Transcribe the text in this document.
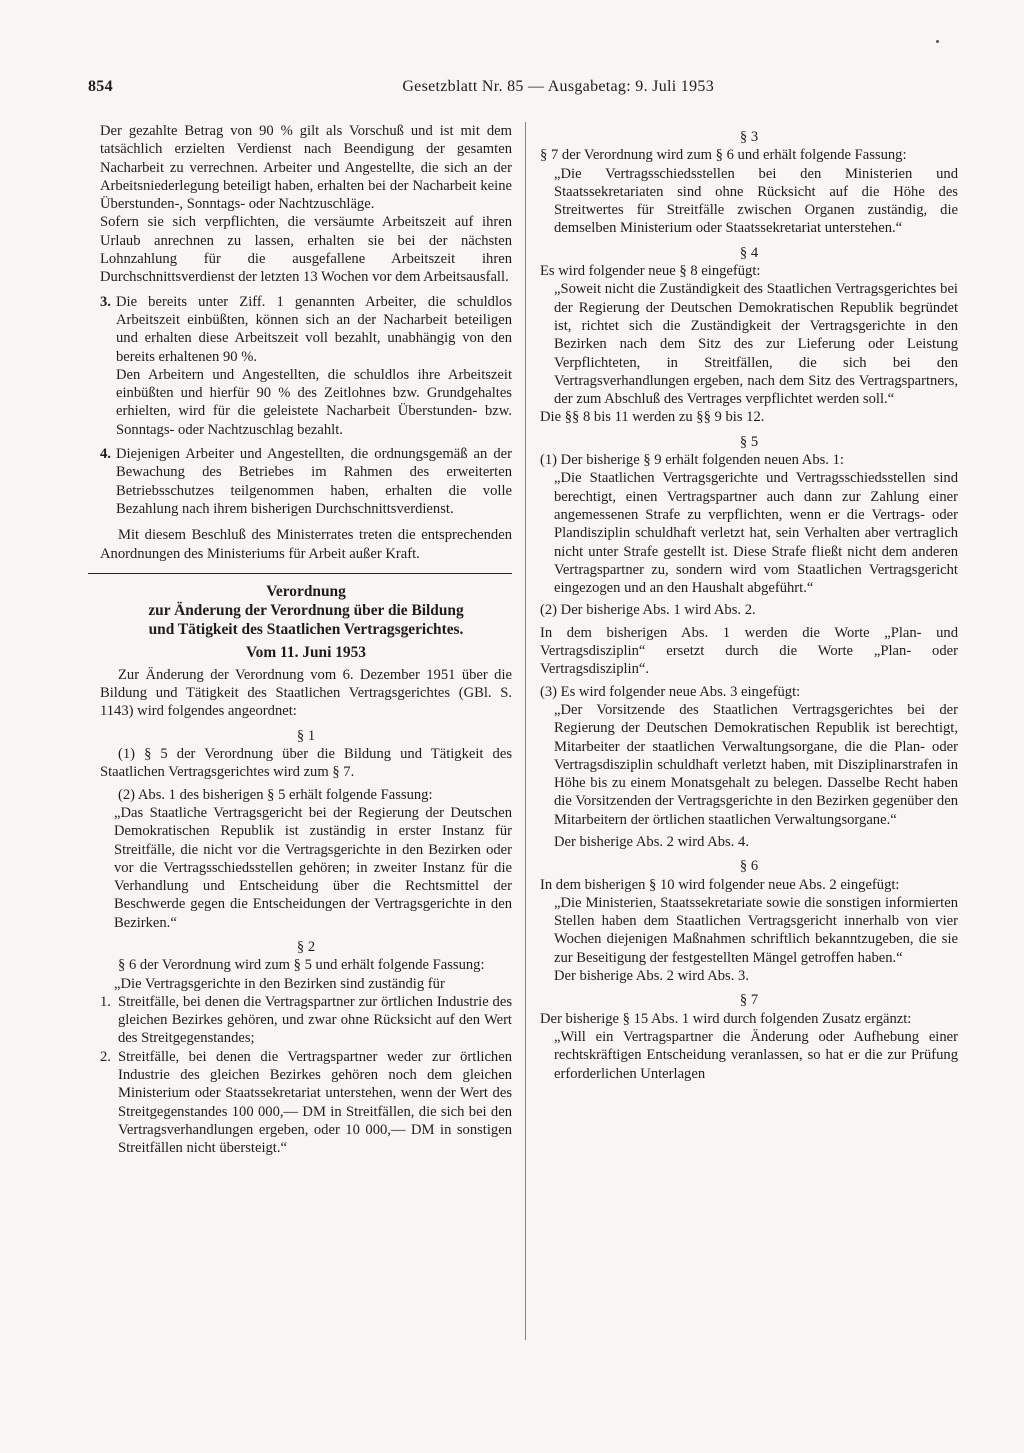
854	Gesetzblatt Nr. 85 — Ausgabetag: 9. Juli 1953

Der gezahlte Betrag von 90 % gilt als Vorschuß und ist mit dem tatsächlich erzielten Verdienst nach Beendigung der gesamten Nacharbeit zu verrechnen. Arbeiter und Angestellte, die sich an der Arbeitsniederlegung beteiligt haben, erhalten bei der Nacharbeit keine Überstunden-, Sonntags- oder Nachtzuschläge.

Sofern sie sich verpflichten, die versäumte Arbeitszeit auf ihren Urlaub anrechnen zu lassen, erhalten sie bei der nächsten Lohnzahlung für die ausgefallene Arbeitszeit ihren Durchschnittsverdienst der letzten 13 Wochen vor dem Arbeitsausfall.

3. Die bereits unter Ziff. 1 genannten Arbeiter, die schuldlos Arbeitszeit einbüßten, können sich an der Nacharbeit beteiligen und erhalten diese Arbeitszeit voll bezahlt, unabhängig von den bereits erhaltenen 90 %.

Den Arbeitern und Angestellten, die schuldlos ihre Arbeitszeit einbüßten und hierfür 90 % des Zeitlohnes bzw. Grundgehaltes erhielten, wird für die geleistete Nacharbeit Überstunden- bzw. Sonntags- oder Nachtzuschlag bezahlt.

4. Diejenigen Arbeiter und Angestellten, die ordnungsgemäß an der Bewachung des Betriebes im Rahmen des erweiterten Betriebsschutzes teilgenommen haben, erhalten die volle Bezahlung nach ihrem bisherigen Durchschnittsverdienst.

Mit diesem Beschluß des Ministerrates treten die entsprechenden Anordnungen des Ministeriums für Arbeit außer Kraft.

Verordnung
zur Änderung der Verordnung über die Bildung
und Tätigkeit des Staatlichen Vertragsgerichtes.
Vom 11. Juni 1953

Zur Änderung der Verordnung vom 6. Dezember 1951 über die Bildung und Tätigkeit des Staatlichen Vertragsgerichtes (GBl. S. 1143) wird folgendes angeordnet:

§ 1

(1) § 5 der Verordnung über die Bildung und Tätigkeit des Staatlichen Vertragsgerichtes wird zum § 7.

(2) Abs. 1 des bisherigen § 5 erhält folgende Fassung:

„Das Staatliche Vertragsgericht bei der Regierung der Deutschen Demokratischen Republik ist zuständig in erster Instanz für Streitfälle, die nicht vor die Vertragsgerichte in den Bezirken oder vor die Vertragsschiedsstellen gehören; in zweiter Instanz für die Verhandlung und Entscheidung über die Rechtsmittel der Beschwerde gegen die Entscheidungen der Vertragsgerichte in den Bezirken.“

§ 2

§ 6 der Verordnung wird zum § 5 und erhält folgende Fassung:

„Die Vertragsgerichte in den Bezirken sind zuständig für

1. Streitfälle, bei denen die Vertragspartner zur örtlichen Industrie des gleichen Bezirkes gehören, und zwar ohne Rücksicht auf den Wert des Streitgegenstandes;

2. Streitfälle, bei denen die Vertragspartner weder zur örtlichen Industrie des gleichen Bezirkes gehören noch dem gleichen Ministerium oder Staatssekretariat unterstehen, wenn der Wert des Streitgegenstandes 100 000,— DM in Streitfällen, die sich bei den Vertragsverhandlungen ergeben, oder 10 000,— DM in sonstigen Streitfällen nicht übersteigt.“

§ 3

§ 7 der Verordnung wird zum § 6 und erhält folgende Fassung:

„Die Vertragsschiedsstellen bei den Ministerien und Staatssekretariaten sind ohne Rücksicht auf die Höhe des Streitwertes für Streitfälle zwischen Organen zuständig, die demselben Ministerium oder Staatssekretariat unterstehen.“

§ 4

Es wird folgender neue § 8 eingefügt:

„Soweit nicht die Zuständigkeit des Staatlichen Vertragsgerichtes bei der Regierung der Deutschen Demokratischen Republik begründet ist, richtet sich die Zuständigkeit der Vertragsgerichte in den Bezirken nach dem Sitz des zur Lieferung oder Leistung Verpflichteten, in Streitfällen, die sich bei den Vertragsverhandlungen ergeben, nach dem Sitz des Vertragspartners, der zum Abschluß des Vertrages verpflichtet werden soll.“

Die §§ 8 bis 11 werden zu §§ 9 bis 12.

§ 5

(1) Der bisherige § 9 erhält folgenden neuen Abs. 1:

„Die Staatlichen Vertragsgerichte und Vertragsschiedsstellen sind berechtigt, einen Vertragspartner auch dann zur Zahlung einer angemessenen Strafe zu verpflichten, wenn er die Vertrags- oder Plandisziplin schuldhaft verletzt hat, sein Verhalten aber vertraglich nicht unter Strafe gestellt ist. Diese Strafe fließt nicht dem anderen Vertragspartner zu, sondern wird vom Staatlichen Vertragsgericht eingezogen und an den Haushalt abgeführt.“

(2) Der bisherige Abs. 1 wird Abs. 2.

In dem bisherigen Abs. 1 werden die Worte „Plan- und Vertragsdisziplin“ ersetzt durch die Worte „Plan- oder Vertragsdisziplin“.

(3) Es wird folgender neue Abs. 3 eingefügt:

„Der Vorsitzende des Staatlichen Vertragsgerichtes bei der Regierung der Deutschen Demokratischen Republik ist berechtigt, Mitarbeiter der staatlichen Verwaltungsorgane, die die Plan- oder Vertragsdisziplin schuldhaft verletzt haben, mit Disziplinarstrafen in Höhe bis zu einem Monatsgehalt zu belegen. Dasselbe Recht haben die Vorsitzenden der Vertragsgerichte in den Bezirken gegenüber den Mitarbeitern der örtlichen staatlichen Verwaltungsorgane.“

Der bisherige Abs. 2 wird Abs. 4.

§ 6

In dem bisherigen § 10 wird folgender neue Abs. 2 eingefügt:

„Die Ministerien, Staatssekretariate sowie die sonstigen informierten Stellen haben dem Staatlichen Vertragsgericht innerhalb von vier Wochen diejenigen Maßnahmen schriftlich bekanntzugeben, die sie zur Beseitigung der festgestellten Mängel getroffen haben.“

Der bisherige Abs. 2 wird Abs. 3.

§ 7

Der bisherige § 15 Abs. 1 wird durch folgenden Zusatz ergänzt:

„Will ein Vertragspartner die Änderung oder Aufhebung einer rechtskräftigen Entscheidung veranlassen, so hat er die zur Prüfung erforderlichen Unterlagen
